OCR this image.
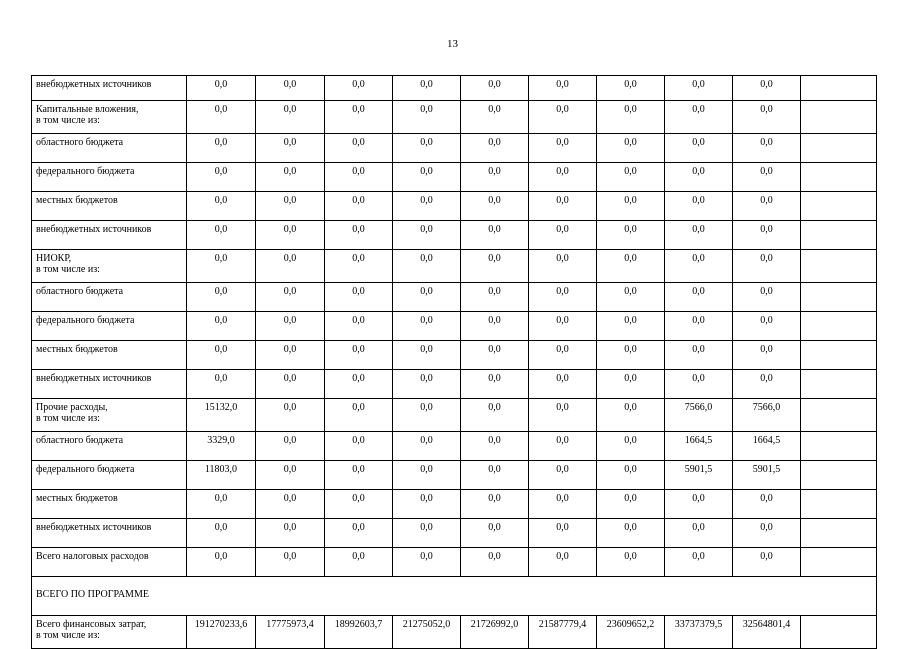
13
внебюджетных источников	0,0	0,0	0,0	0,0	0,0	0,0	0,0	0,0	0,0	
Капитальные вложения,
в том числе из:	0,0	0,0	0,0	0,0	0,0	0,0	0,0	0,0	0,0	
областного бюджета	0,0	0,0	0,0	0,0	0,0	0,0	0,0	0,0	0,0	
федерального бюджета	0,0	0,0	0,0	0,0	0,0	0,0	0,0	0,0	0,0	
местных бюджетов	0,0	0,0	0,0	0,0	0,0	0,0	0,0	0,0	0,0	
внебюджетных источников	0,0	0,0	0,0	0,0	0,0	0,0	0,0	0,0	0,0	
НИОКР,
в том числе из:	0,0	0,0	0,0	0,0	0,0	0,0	0,0	0,0	0,0	
областного бюджета	0,0	0,0	0,0	0,0	0,0	0,0	0,0	0,0	0,0	
федерального бюджета	0,0	0,0	0,0	0,0	0,0	0,0	0,0	0,0	0,0	
местных бюджетов	0,0	0,0	0,0	0,0	0,0	0,0	0,0	0,0	0,0	
внебюджетных источников	0,0	0,0	0,0	0,0	0,0	0,0	0,0	0,0	0,0	
Прочие расходы,
в том числе из:	15132,0	0,0	0,0	0,0	0,0	0,0	0,0	7566,0	7566,0	
областного бюджета	3329,0	0,0	0,0	0,0	0,0	0,0	0,0	1664,5	1664,5	
федерального бюджета	11803,0	0,0	0,0	0,0	0,0	0,0	0,0	5901,5	5901,5	
местных бюджетов	0,0	0,0	0,0	0,0	0,0	0,0	0,0	0,0	0,0	
внебюджетных источников	0,0	0,0	0,0	0,0	0,0	0,0	0,0	0,0	0,0	
Всего налоговых расходов	0,0	0,0	0,0	0,0	0,0	0,0	0,0	0,0	0,0	
ВСЕГО ПО ПРОГРАММЕ										
Всего финансовых затрат,
в том числе из:	191270233,6	17775973,4	18992603,7	21275052,0	21726992,0	21587779,4	23609652,2	33737379,5	32564801,4	
